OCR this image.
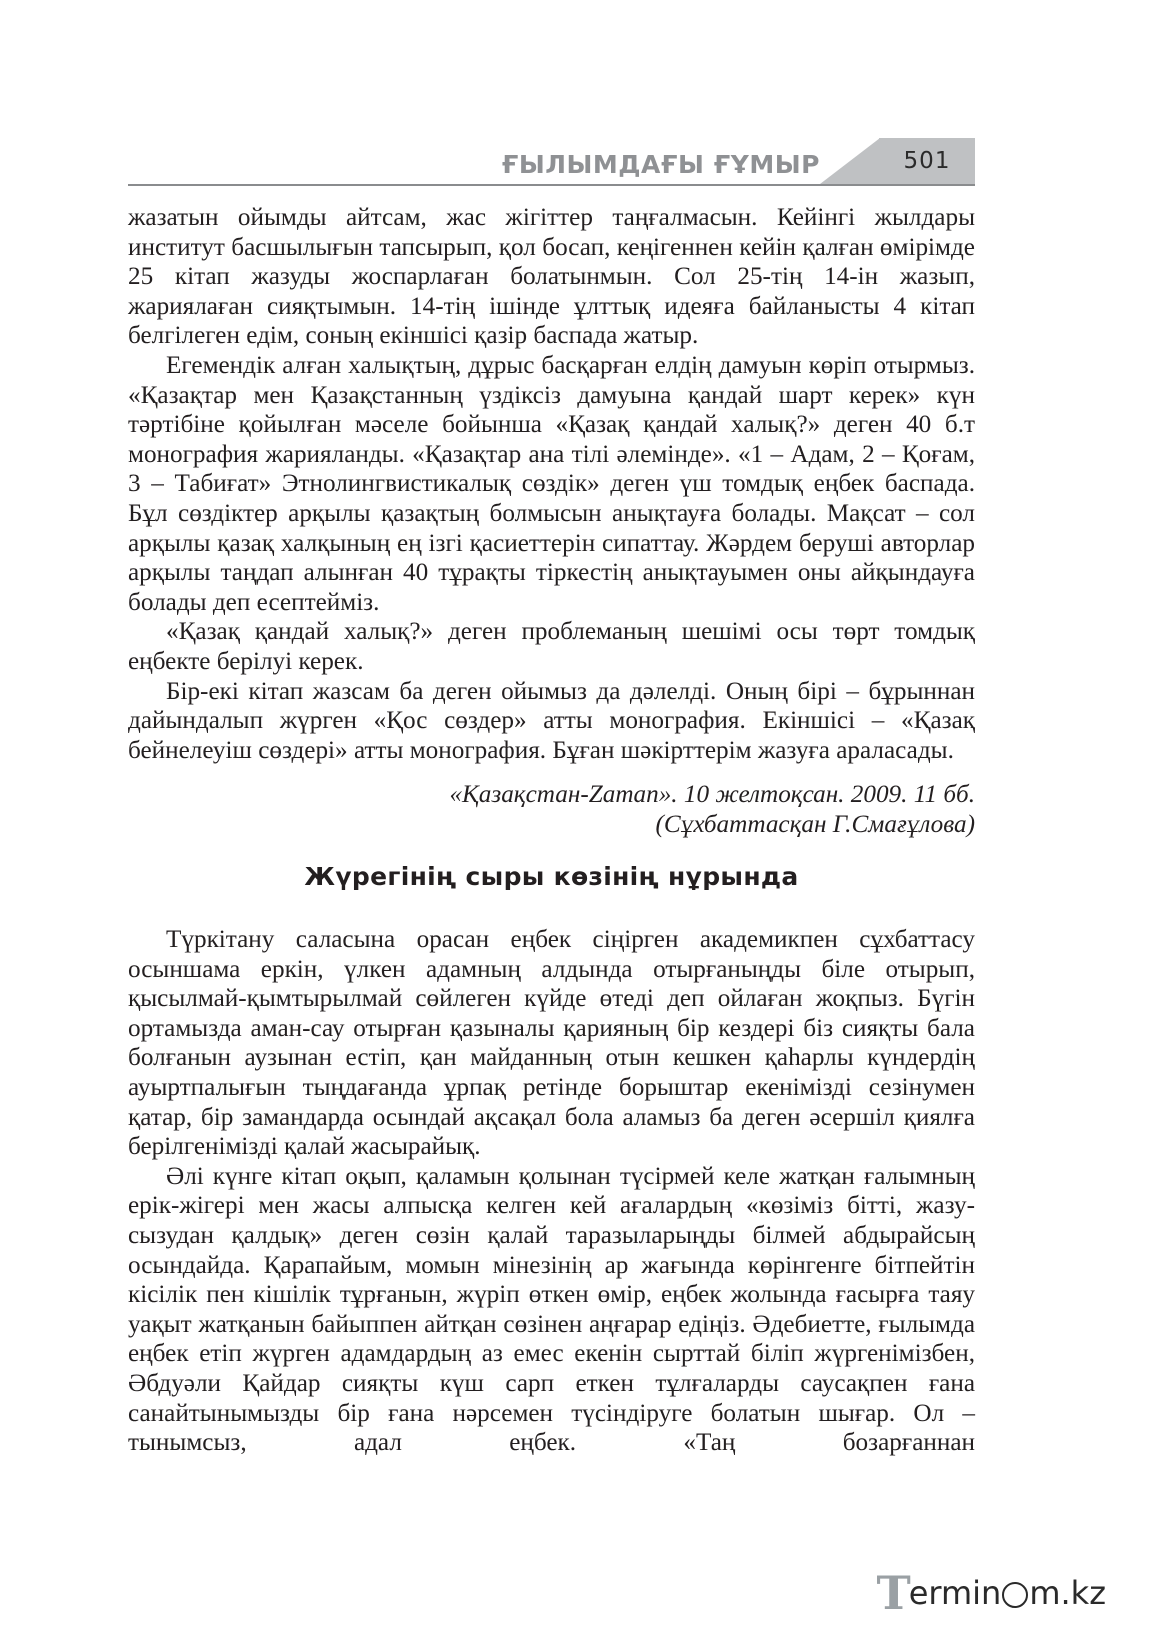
ҒЫЛЫМДАҒЫ ҒҰМЫР	501

жазатын ойымды айтсам, жас жігіттер таңғалмасын. Кейінгі жылдары институт басшылығын тапсырып, қол босап, кеңігеннен кейін қалған өмірімде 25 кітап жазуды жоспарлаған болатынмын. Сол 25-тің 14-ін жазып, жариялаған сияқтымын. 14-тің ішінде ұлттық идеяға байланысты 4 кітап белгілеген едім, соның екіншісі қазір баспада жатыр.

Егемендік алған халықтың, дұрыс басқарған елдің дамуын көріп отырмыз. «Қазақтар мен Қазақстанның үздіксіз дамуына қандай шарт керек» күн тәртібіне қойылған мәселе бойынша «Қазақ қандай халық?» деген 40 б.т монография жарияланды. «Қазақтар ана тілі әлемінде». «1 – Адам, 2 – Қоғам, 3 – Табиғат» Этнолингвистикалық сөздік» деген үш томдық еңбек баспада. Бұл сөздіктер арқылы қазақтың болмысын анықтауға болады. Мақсат – сол арқылы қазақ халқының ең ізгі қасиеттерін сипаттау. Жәрдем беруші авторлар арқылы таңдап алынған 40 тұрақты тіркестің анықтауымен оны айқындауға болады деп есептейміз.

«Қазақ қандай халық?» деген проблеманың шешімі осы төрт томдық еңбекте берілуі керек.

Бір-екі кітап жазсам ба деген ойымыз да дәлелді. Оның бірі – бұрыннан дайындалып жүрген «Қос сөздер» атты монография. Екіншісі – «Қазақ бейнелеуіш сөздері» атты монография. Бұған шәкірттерім жазуға араласады.

«Қазақстан-Zaman». 10 желтоқсан. 2009. 11 бб.
(Сұхбаттасқан Г.Смағұлова)
Жүрегінің сыры көзінің нұрында

Түркітану саласына орасан еңбек сіңірген академикпен сұхбаттасу осыншама еркін, үлкен адамның алдында отырғаныңды біле отырып, қысылмай-қымтырылмай сөйлеген күйде өтеді деп ойлаған жоқпыз. Бүгін ортамызда аман-сау отырған қазыналы қарияның бір кездері біз сияқты бала болғанын аузынан естіп, қан майданның отын кешкен қаһарлы күндердің ауыртпалығын тыңдағанда ұрпақ ретінде борыштар екенімізді сезінумен қатар, бір замандарда осындай ақсақал бола аламыз ба деген әсершіл қиялға берілгенімізді қалай жасырайық.

Әлі күнге кітап оқып, қаламын қолынан түсірмей келе жатқан ғалымның ерік-жігері мен жасы алпысқа келген кей ағалардың «көзіміз бітті, жазу-сызудан қалдық» деген сөзін қалай таразыларыңды білмей абдырайсың осындайда. Қарапайым, момын мінезінің ар жағында көрінгенге бітпейтін кісілік пен кішілік тұрғанын, жүріп өткен өмір, еңбек жолында ғасырға таяу уақыт жатқанын байыппен айтқан сөзінен аңғарар едіңіз. Әдебиетте, ғылымда еңбек етіп жүрген адамдардың аз емес екенін сырттай біліп жүргенімізбен, Әбдуәли Қайдар сияқты күш сарп еткен тұлғаларды саусақпен ғана санайтынымызды бір ғана нәрсемен түсіндіруге болатын шығар. Ол – тынымсыз, адал еңбек. «Таң бозарғаннан

T
ermin m.kz
